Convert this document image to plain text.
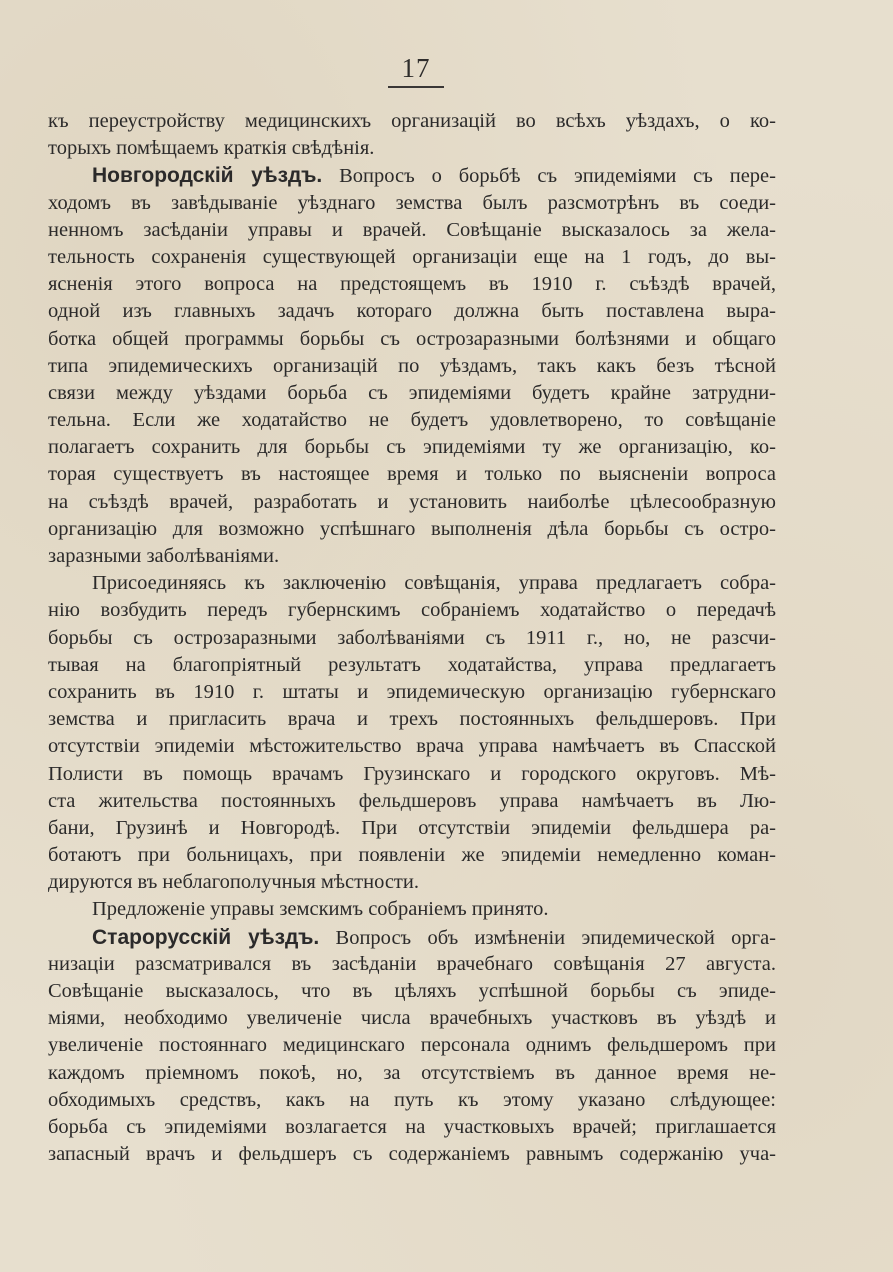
17
къ переустройству медицинскихъ организацій во всѣхъ уѣздахъ, о ко-
торыхъ помѣщаемъ краткія свѣдѣнія.
Новгородскій уѣздъ. Вопросъ о борьбѣ съ эпидеміями съ пере-
ходомъ въ завѣдываніе уѣзднаго земства былъ разсмотрѣнъ въ соеди-
ненномъ засѣданіи управы и врачей. Совѣщаніе высказалось за жела-
тельность сохраненія существующей организаціи еще на 1 годъ, до вы-
ясненія этого вопроса на предстоящемъ въ 1910 г. съѣздѣ врачей,
одной изъ главныхъ задачъ котораго должна быть поставлена выра-
ботка общей программы борьбы съ острозаразными болѣзнями и общаго
типа эпидемическихъ организацій по уѣздамъ, такъ какъ безъ тѣсной
связи между уѣздами борьба съ эпидеміями будетъ крайне затрудни-
тельна. Если же ходатайство не будетъ удовлетворено, то совѣщаніе
полагаетъ сохранить для борьбы съ эпидеміями ту же организацію, ко-
торая существуетъ въ настоящее время и только по выясненіи вопроса
на съѣздѣ врачей, разработать и установить наиболѣе цѣлесообразную
организацію для возможно успѣшнаго выполненія дѣла борьбы съ остро-
заразными заболѣваніями.
Присоединяясь къ заключенію совѣщанія, управа предлагаетъ собра-
нію возбудить передъ губернскимъ собраніемъ ходатайство о передачѣ
борьбы съ острозаразными заболѣваніями съ 1911 г., но, не разсчи-
тывая на благопріятный результатъ ходатайства, управа предлагаетъ
сохранить въ 1910 г. штаты и эпидемическую организацію губернскаго
земства и пригласить врача и трехъ постоянныхъ фельдшеровъ. При
отсутствіи эпидеміи мѣстожительство врача управа намѣчаетъ въ Спасской
Полисти въ помощь врачамъ Грузинскаго и городского округовъ. Мѣ-
ста жительства постоянныхъ фельдшеровъ управа намѣчаетъ въ Лю-
бани, Грузинѣ и Новгородѣ. При отсутствіи эпидеміи фельдшера ра-
ботаютъ при больницахъ, при появленіи же эпидеміи немедленно коман-
дируются въ неблагополучныя мѣстности.
Предложеніе управы земскимъ собраніемъ принято.
Старорусскій уѣздъ. Вопросъ объ измѣненіи эпидемической орга-
низаціи разсматривался въ засѣданіи врачебнаго совѣщанія 27 августа.
Совѣщаніе высказалось, что въ цѣляхъ успѣшной борьбы съ эпиде-
міями, необходимо увеличеніе числа врачебныхъ участковъ въ уѣздѣ и
увеличеніе постояннаго медицинскаго персонала однимъ фельдшеромъ при
каждомъ пріемномъ покоѣ, но, за отсутствіемъ въ данное время не-
обходимыхъ средствъ, какъ на путь къ этому указано слѣдующее:
борьба съ эпидеміями возлагается на участковыхъ врачей; приглашается
запасный врачъ и фельдшеръ съ содержаніемъ равнымъ содержанію уча-
